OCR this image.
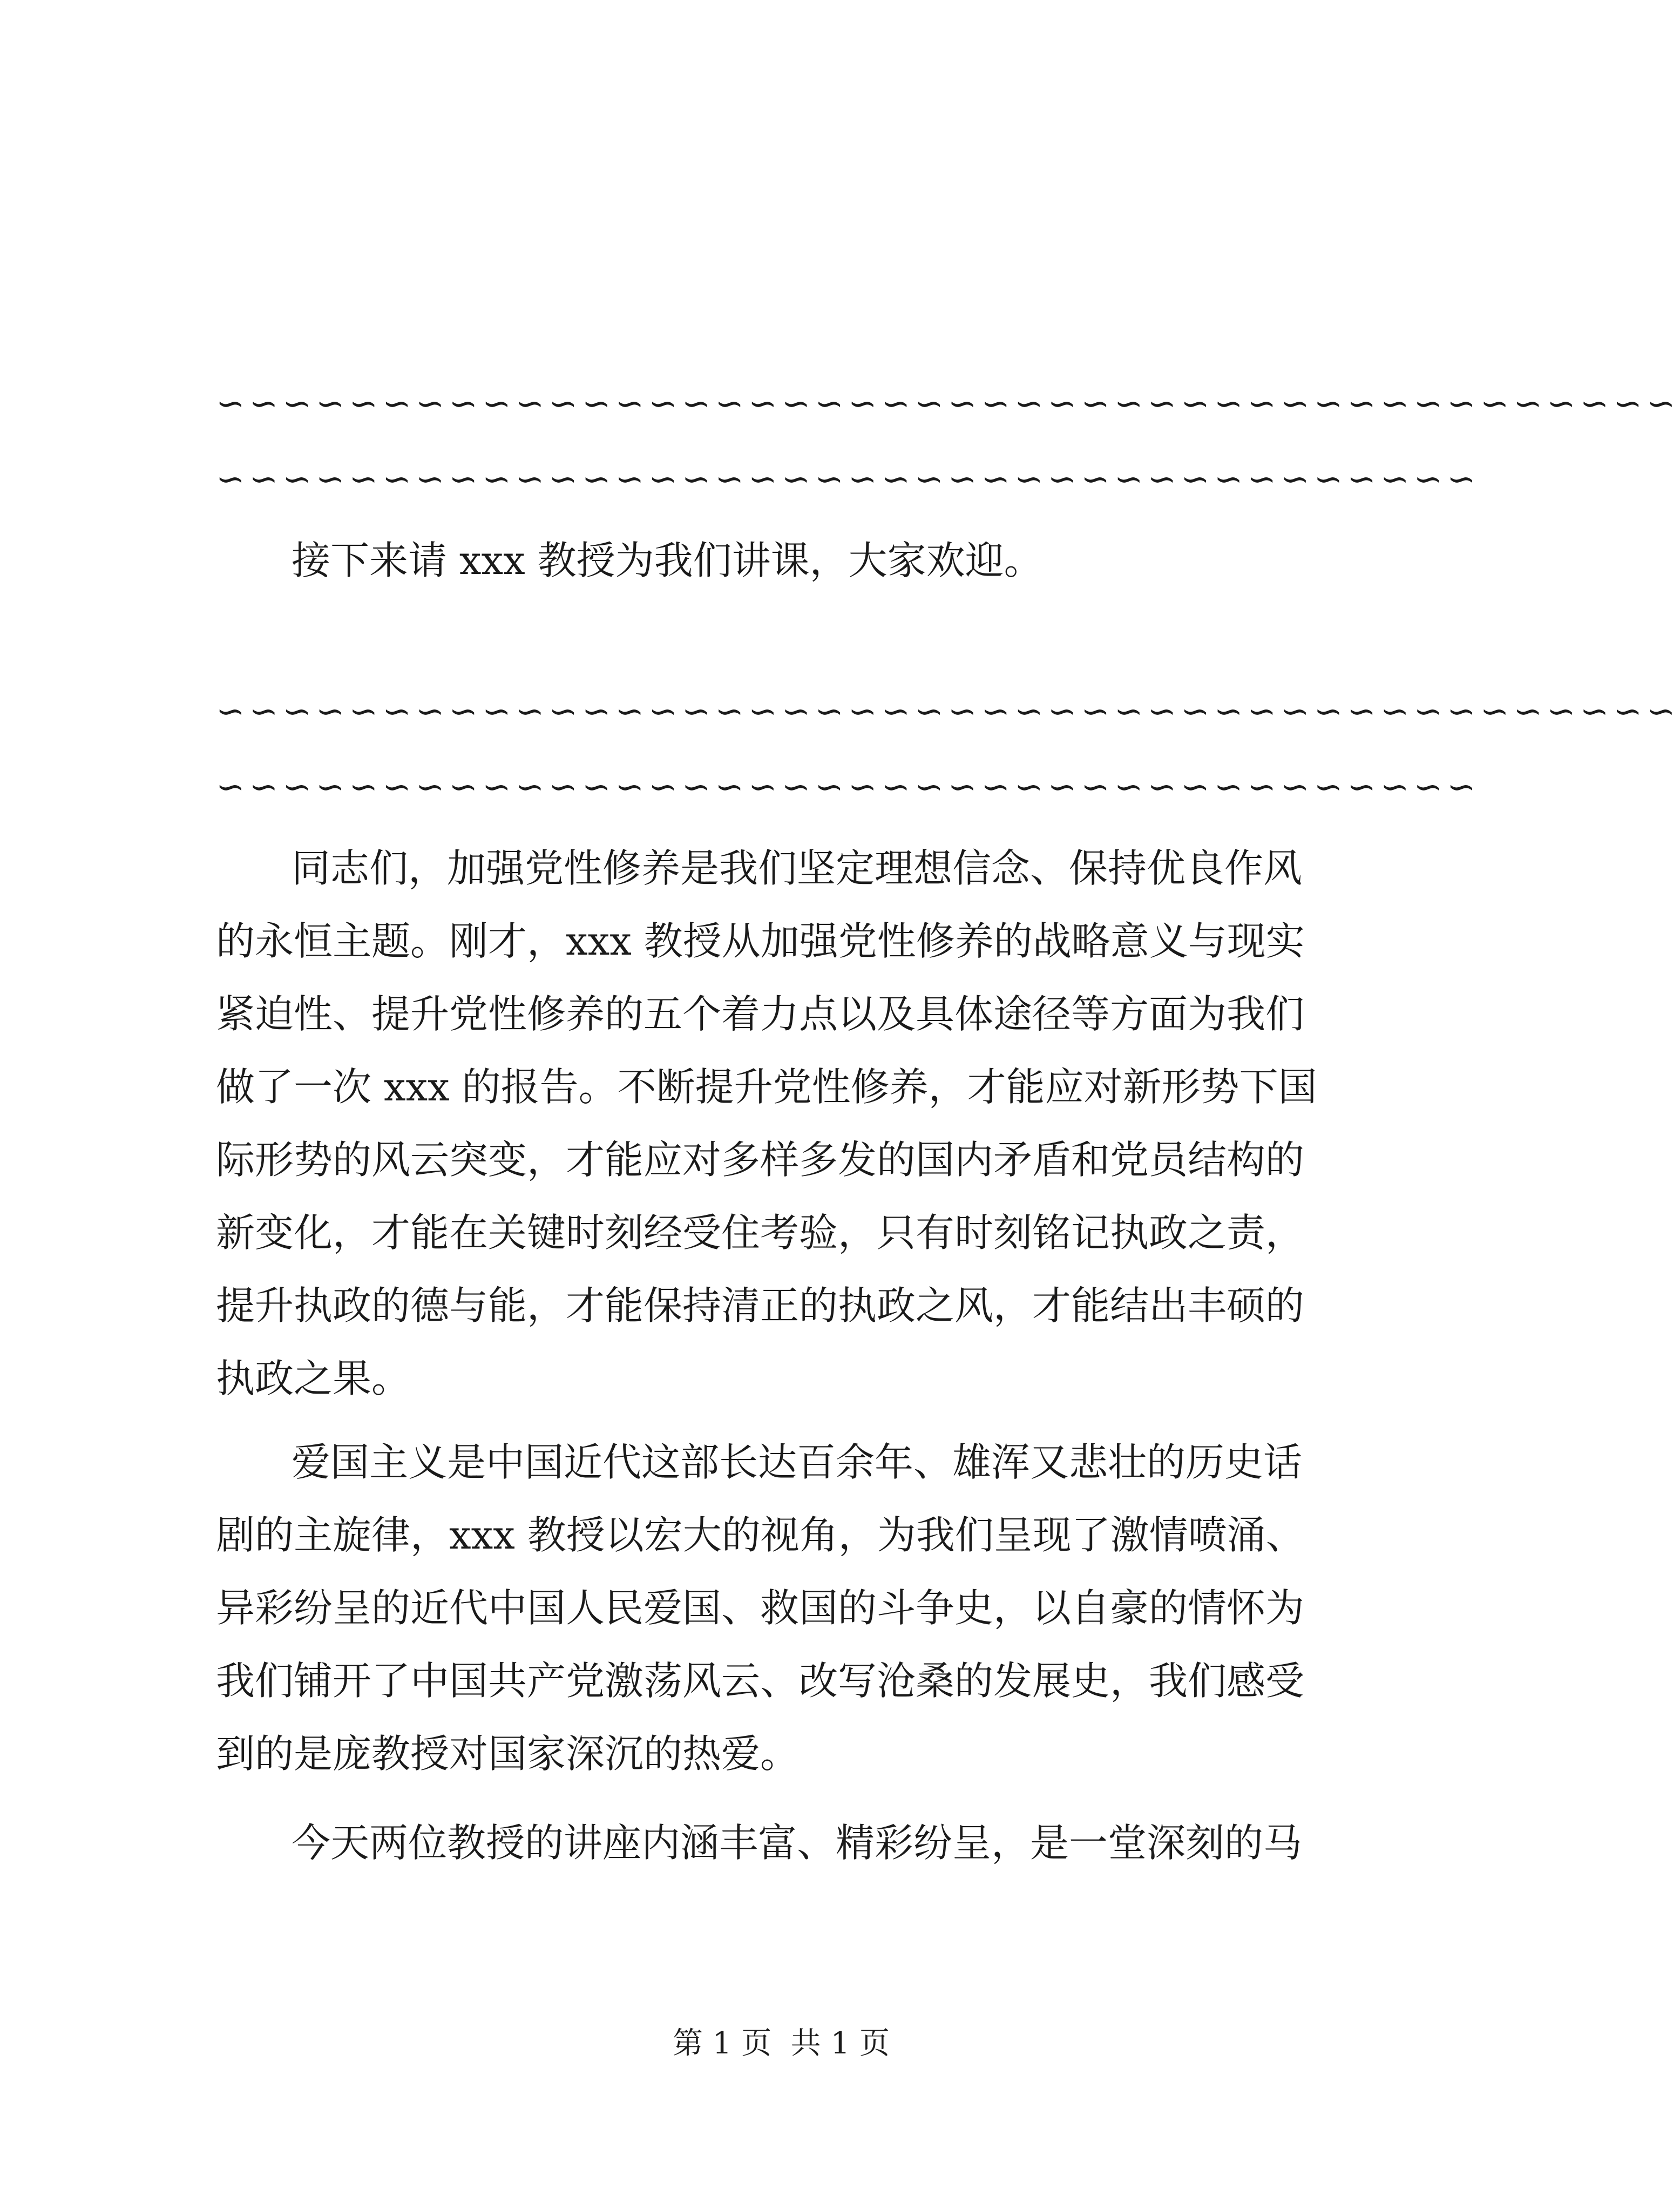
∽∽∽∽∽∽∽∽∽∽∽∽∽∽∽∽∽∽∽∽∽∽∽∽∽∽∽∽∽∽∽∽∽∽∽∽∽∽∽∽∽∽∽∽
∽∽∽∽∽∽∽∽∽∽∽∽∽∽∽∽∽∽∽∽∽∽∽∽∽∽∽∽∽∽∽∽∽∽∽∽∽∽
接下来请 xxx 教授为我们讲课，大家欢迎。
∽∽∽∽∽∽∽∽∽∽∽∽∽∽∽∽∽∽∽∽∽∽∽∽∽∽∽∽∽∽∽∽∽∽∽∽∽∽∽∽∽∽∽∽
∽∽∽∽∽∽∽∽∽∽∽∽∽∽∽∽∽∽∽∽∽∽∽∽∽∽∽∽∽∽∽∽∽∽∽∽∽∽
同志们，加强党性修养是我们坚定理想信念、保持优良作风
的永恒主题。刚才，xxx 教授从加强党性修养的战略意义与现实
紧迫性、提升党性修养的五个着力点以及具体途径等方面为我们
做了一次 xxx 的报告。不断提升党性修养，才能应对新形势下国
际形势的风云突变，才能应对多样多发的国内矛盾和党员结构的
新变化，才能在关键时刻经受住考验，只有时刻铭记执政之责，
提升执政的德与能，才能保持清正的执政之风，才能结出丰硕的
执政之果。
爱国主义是中国近代这部长达百余年、雄浑又悲壮的历史话
剧的主旋律，xxx 教授以宏大的视角，为我们呈现了激情喷涌、
异彩纷呈的近代中国人民爱国、救国的斗争史，以自豪的情怀为
我们铺开了中国共产党激荡风云、改写沧桑的发展史，我们感受
到的是庞教授对国家深沉的热爱。
今天两位教授的讲座内涵丰富、精彩纷呈，是一堂深刻的马
第 1 页  共 1 页
